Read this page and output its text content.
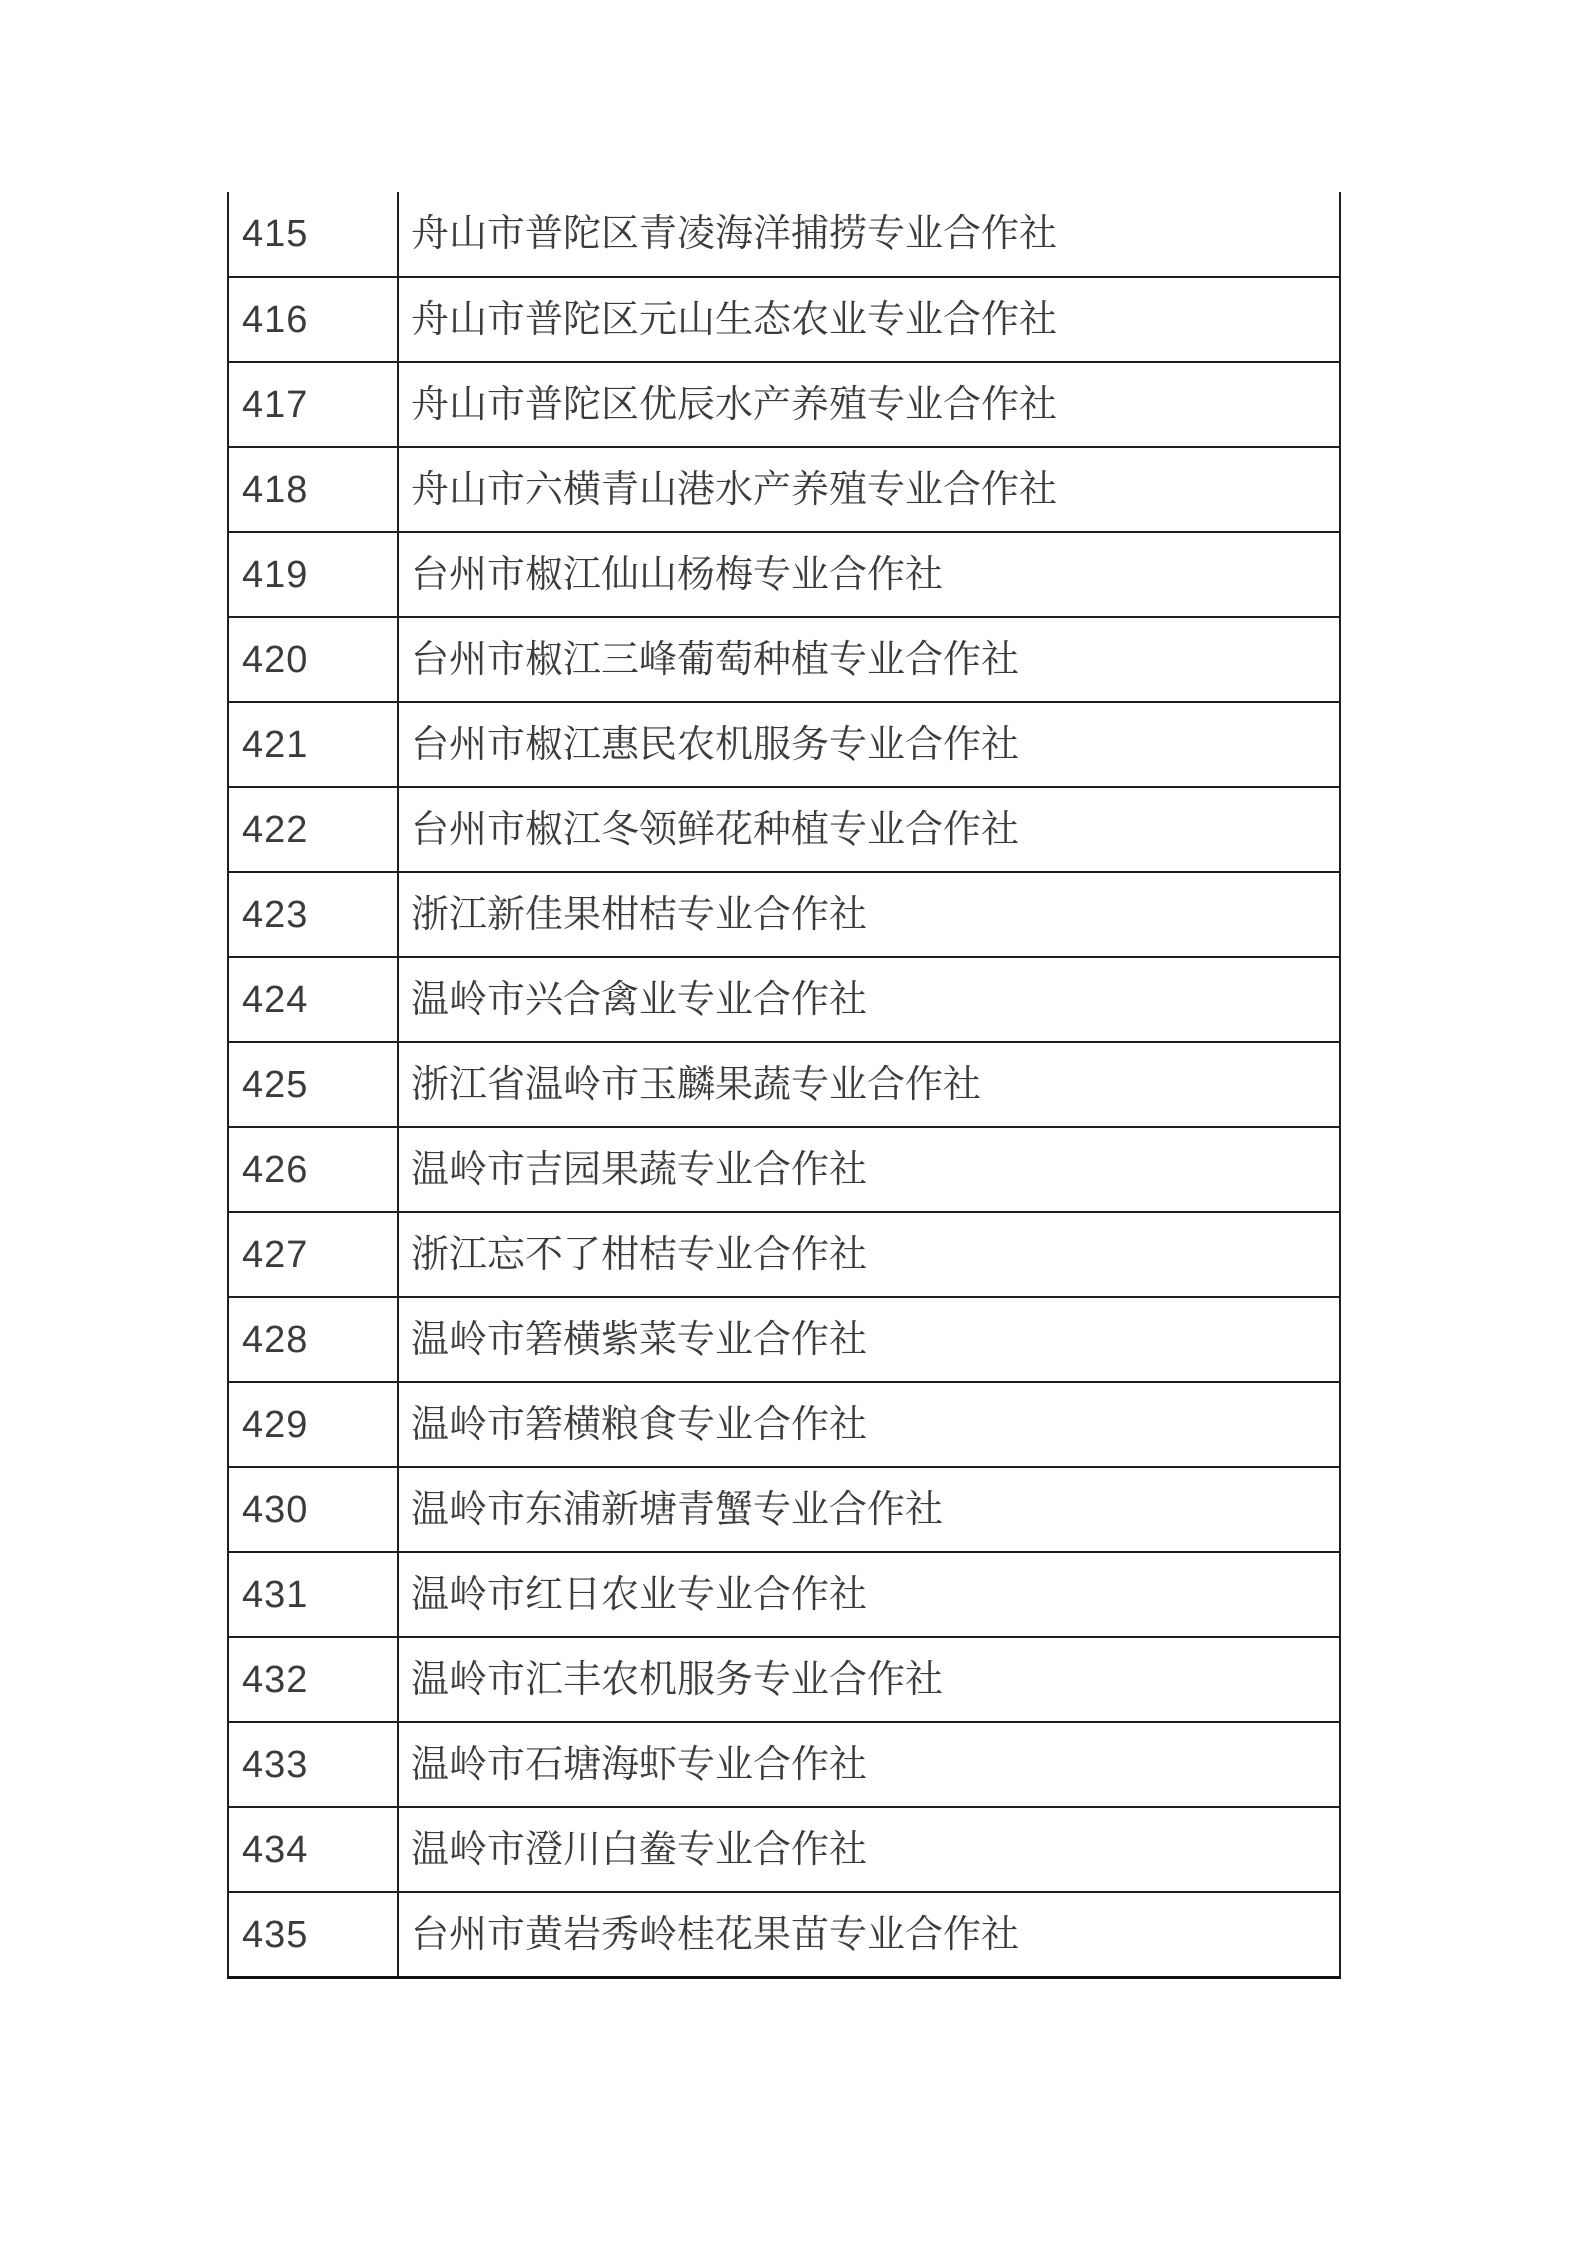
415	舟山市普陀区青凌海洋捕捞专业合作社
416	舟山市普陀区元山生态农业专业合作社
417	舟山市普陀区优辰水产养殖专业合作社
418	舟山市六横青山港水产养殖专业合作社
419	台州市椒江仙山杨梅专业合作社
420	台州市椒江三峰葡萄种植专业合作社
421	台州市椒江惠民农机服务专业合作社
422	台州市椒江冬领鲜花种植专业合作社
423	浙江新佳果柑桔专业合作社
424	温岭市兴合禽业专业合作社
425	浙江省温岭市玉麟果蔬专业合作社
426	温岭市吉园果蔬专业合作社
427	浙江忘不了柑桔专业合作社
428	温岭市箬横紫菜专业合作社
429	温岭市箬横粮食专业合作社
430	温岭市东浦新塘青蟹专业合作社
431	温岭市红日农业专业合作社
432	温岭市汇丰农机服务专业合作社
433	温岭市石塘海虾专业合作社
434	温岭市澄川白鲞专业合作社
435	台州市黄岩秀岭桂花果苗专业合作社
